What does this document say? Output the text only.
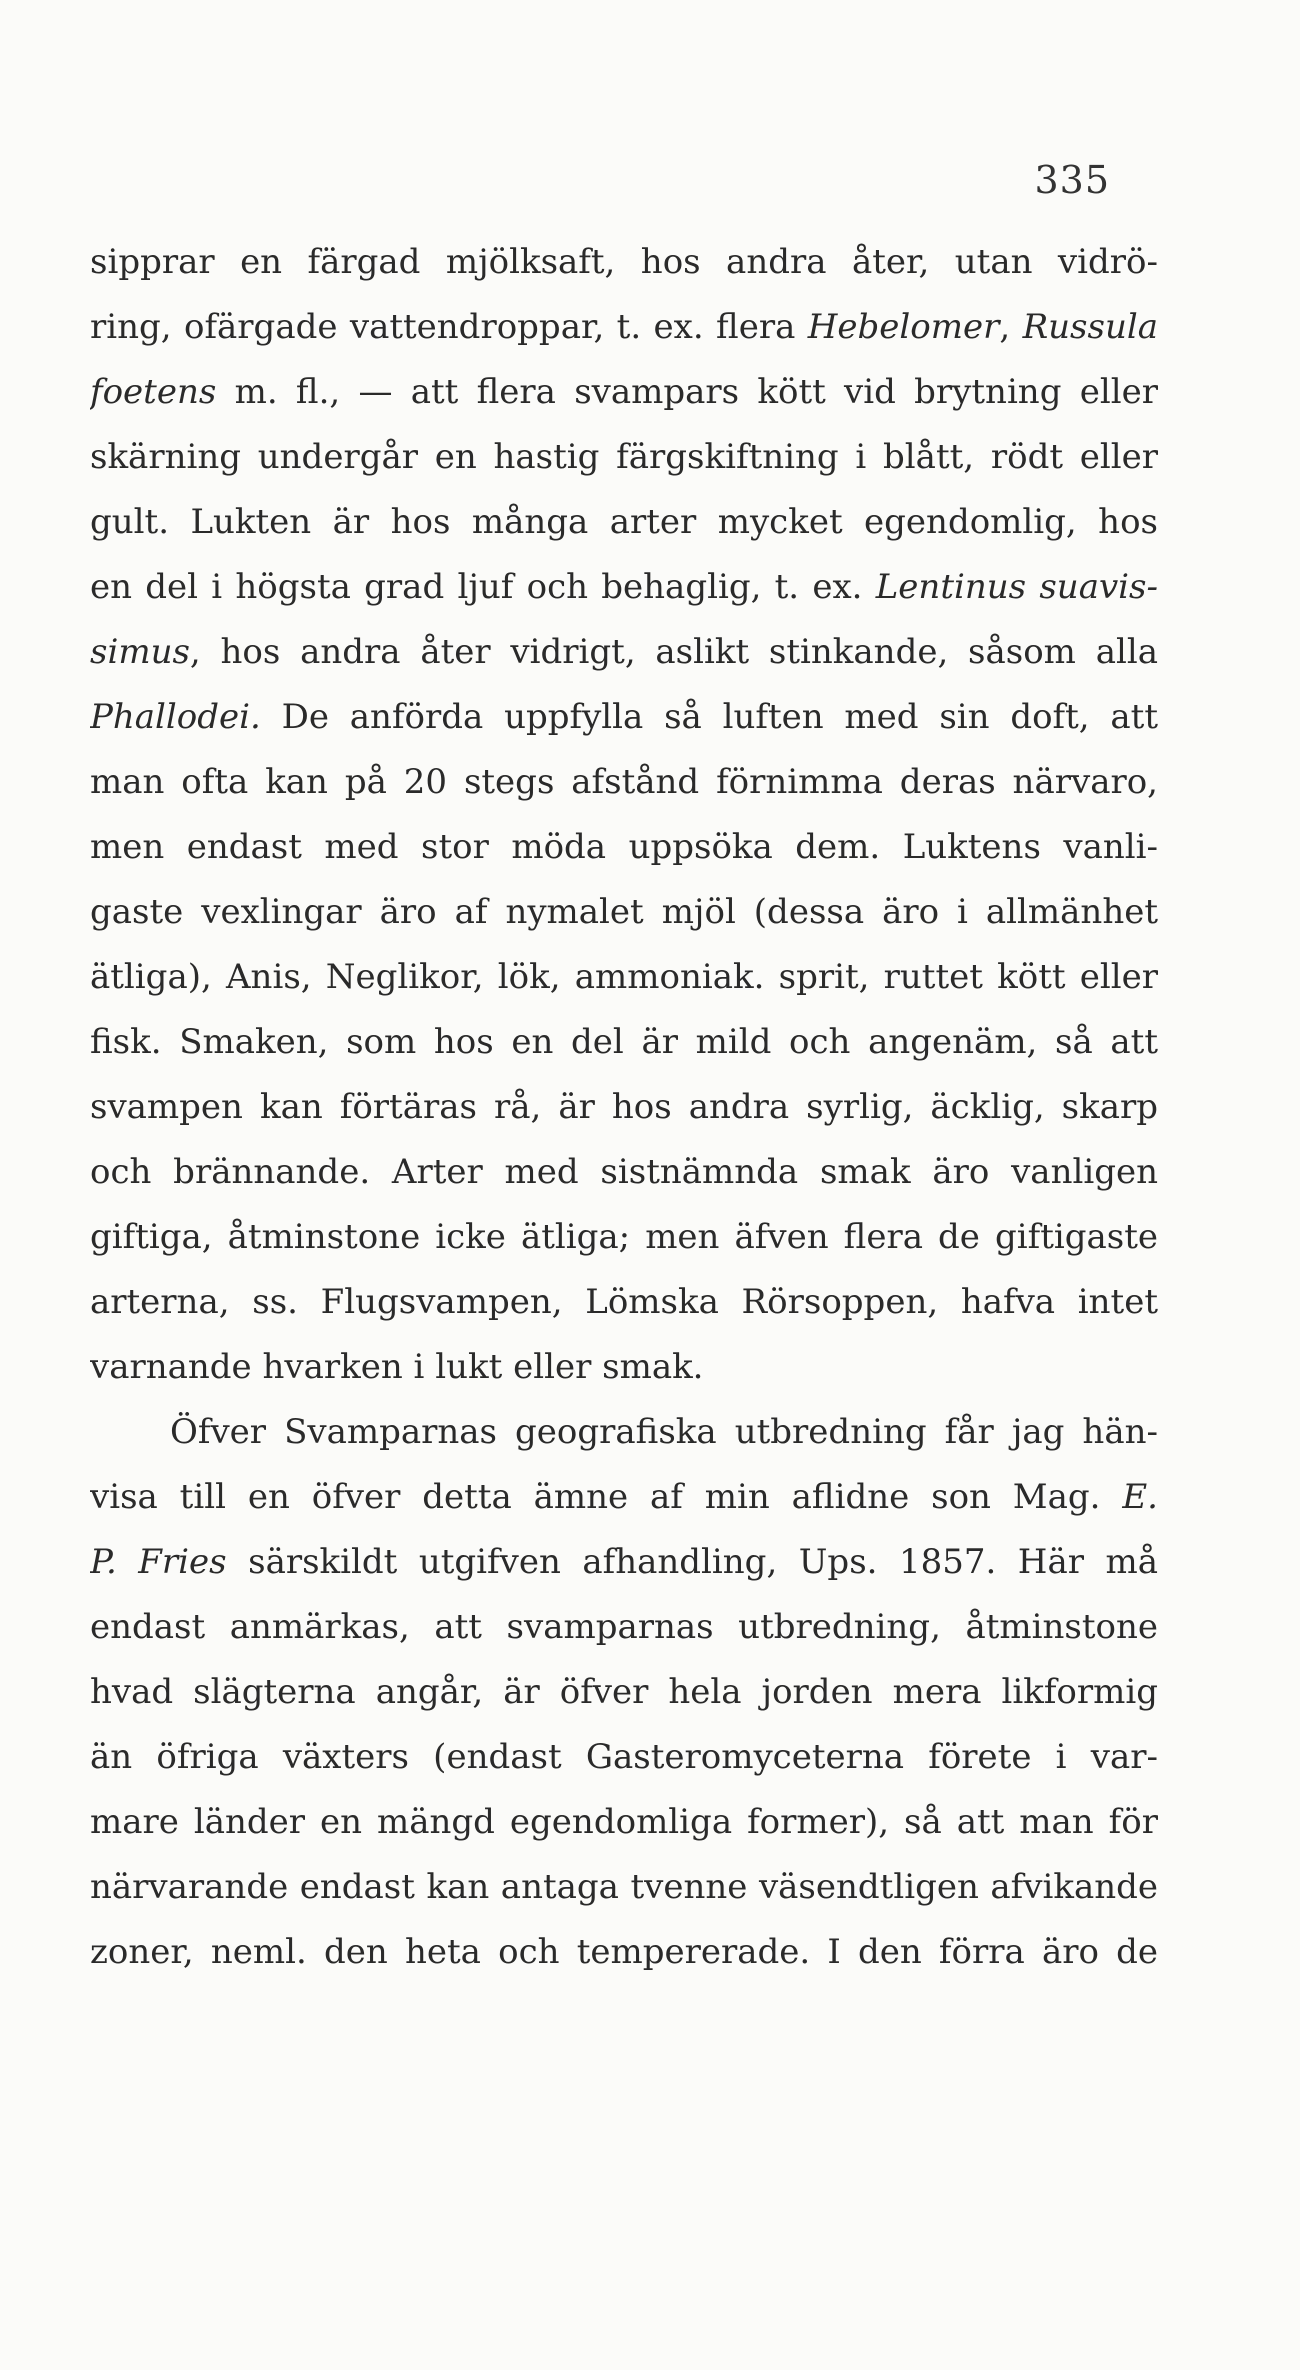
335
sipprar en färgad mjölksaft, hos andra åter, utan vidrö-
ring, ofärgade vattendroppar, t. ex. flera Hebelomer, Russula
foetens m. fl., — att flera svampars kött vid brytning eller
skärning undergår en hastig färgskiftning i blått, rödt eller
gult. Lukten är hos många arter mycket egendomlig, hos
en del i högsta grad ljuf och behaglig, t. ex. Lentinus suavis-
simus, hos andra åter vidrigt, aslikt stinkande, såsom alla
Phallodei. De anförda uppfylla så luften med sin doft, att
man ofta kan på 20 stegs afstånd förnimma deras närvaro,
men endast med stor möda uppsöka dem. Luktens vanli-
gaste vexlingar äro af nymalet mjöl (dessa äro i allmänhet
ätliga), Anis, Neglikor, lök, ammoniak. sprit, ruttet kött eller
fisk. Smaken, som hos en del är mild och angenäm, så att
svampen kan förtäras rå, är hos andra syrlig, äcklig, skarp
och brännande. Arter med sistnämnda smak äro vanligen
giftiga, åtminstone icke ätliga; men äfven flera de giftigaste
arterna, ss. Flugsvampen, Lömska Rörsoppen, hafva intet
varnande hvarken i lukt eller smak.
Öfver Svamparnas geografiska utbredning får jag hän-
visa till en öfver detta ämne af min aflidne son Mag. E.
P. Fries särskildt utgifven afhandling, Ups. 1857. Här må
endast anmärkas, att svamparnas utbredning, åtminstone
hvad slägterna angår, är öfver hela jorden mera likformig
än öfriga växters (endast Gasteromyceterna förete i var-
mare länder en mängd egendomliga former), så att man för
närvarande endast kan antaga tvenne väsendtligen afvikande
zoner, neml. den heta och tempererade. I den förra äro de
